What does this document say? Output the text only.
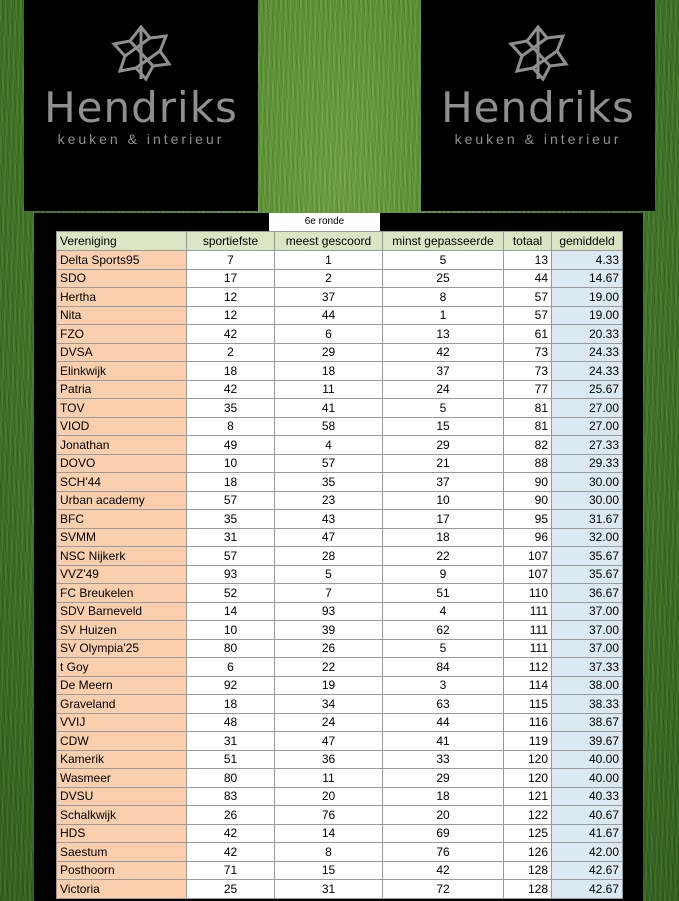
Hendriks
keuken & interieur
Hendriks
keuken & interieur
6e ronde
Vereniging	sportiefste	meest gescoord	minst gepasseerde	totaal	gemiddeld
Delta Sports95	7	1	5	13	4.33
SDO	17	2	25	44	14.67
Hertha	12	37	8	57	19.00
Nita	12	44	1	57	19.00
FZO	42	6	13	61	20.33
DVSA	2	29	42	73	24.33
Elinkwijk	18	18	37	73	24.33
Patria	42	11	24	77	25.67
TOV	35	41	5	81	27.00
VIOD	8	58	15	81	27.00
Jonathan	49	4	29	82	27.33
DOVO	10	57	21	88	29.33
SCH'44	18	35	37	90	30.00
Urban academy	57	23	10	90	30.00
BFC	35	43	17	95	31.67
SVMM	31	47	18	96	32.00
NSC Nijkerk	57	28	22	107	35.67
VVZ'49	93	5	9	107	35.67
FC Breukelen	52	7	51	110	36.67
SDV Barneveld	14	93	4	111	37.00
SV Huizen	10	39	62	111	37.00
SV Olympia'25	80	26	5	111	37.00
t Goy	6	22	84	112	37.33
De Meern	92	19	3	114	38.00
Graveland	18	34	63	115	38.33
VVIJ	48	24	44	116	38.67
CDW	31	47	41	119	39.67
Kamerik	51	36	33	120	40.00
Wasmeer	80	11	29	120	40.00
DVSU	83	20	18	121	40.33
Schalkwijk	26	76	20	122	40.67
HDS	42	14	69	125	41.67
Saestum	42	8	76	126	42.00
Posthoorn	71	15	42	128	42.67
Victoria	25	31	72	128	42.67
